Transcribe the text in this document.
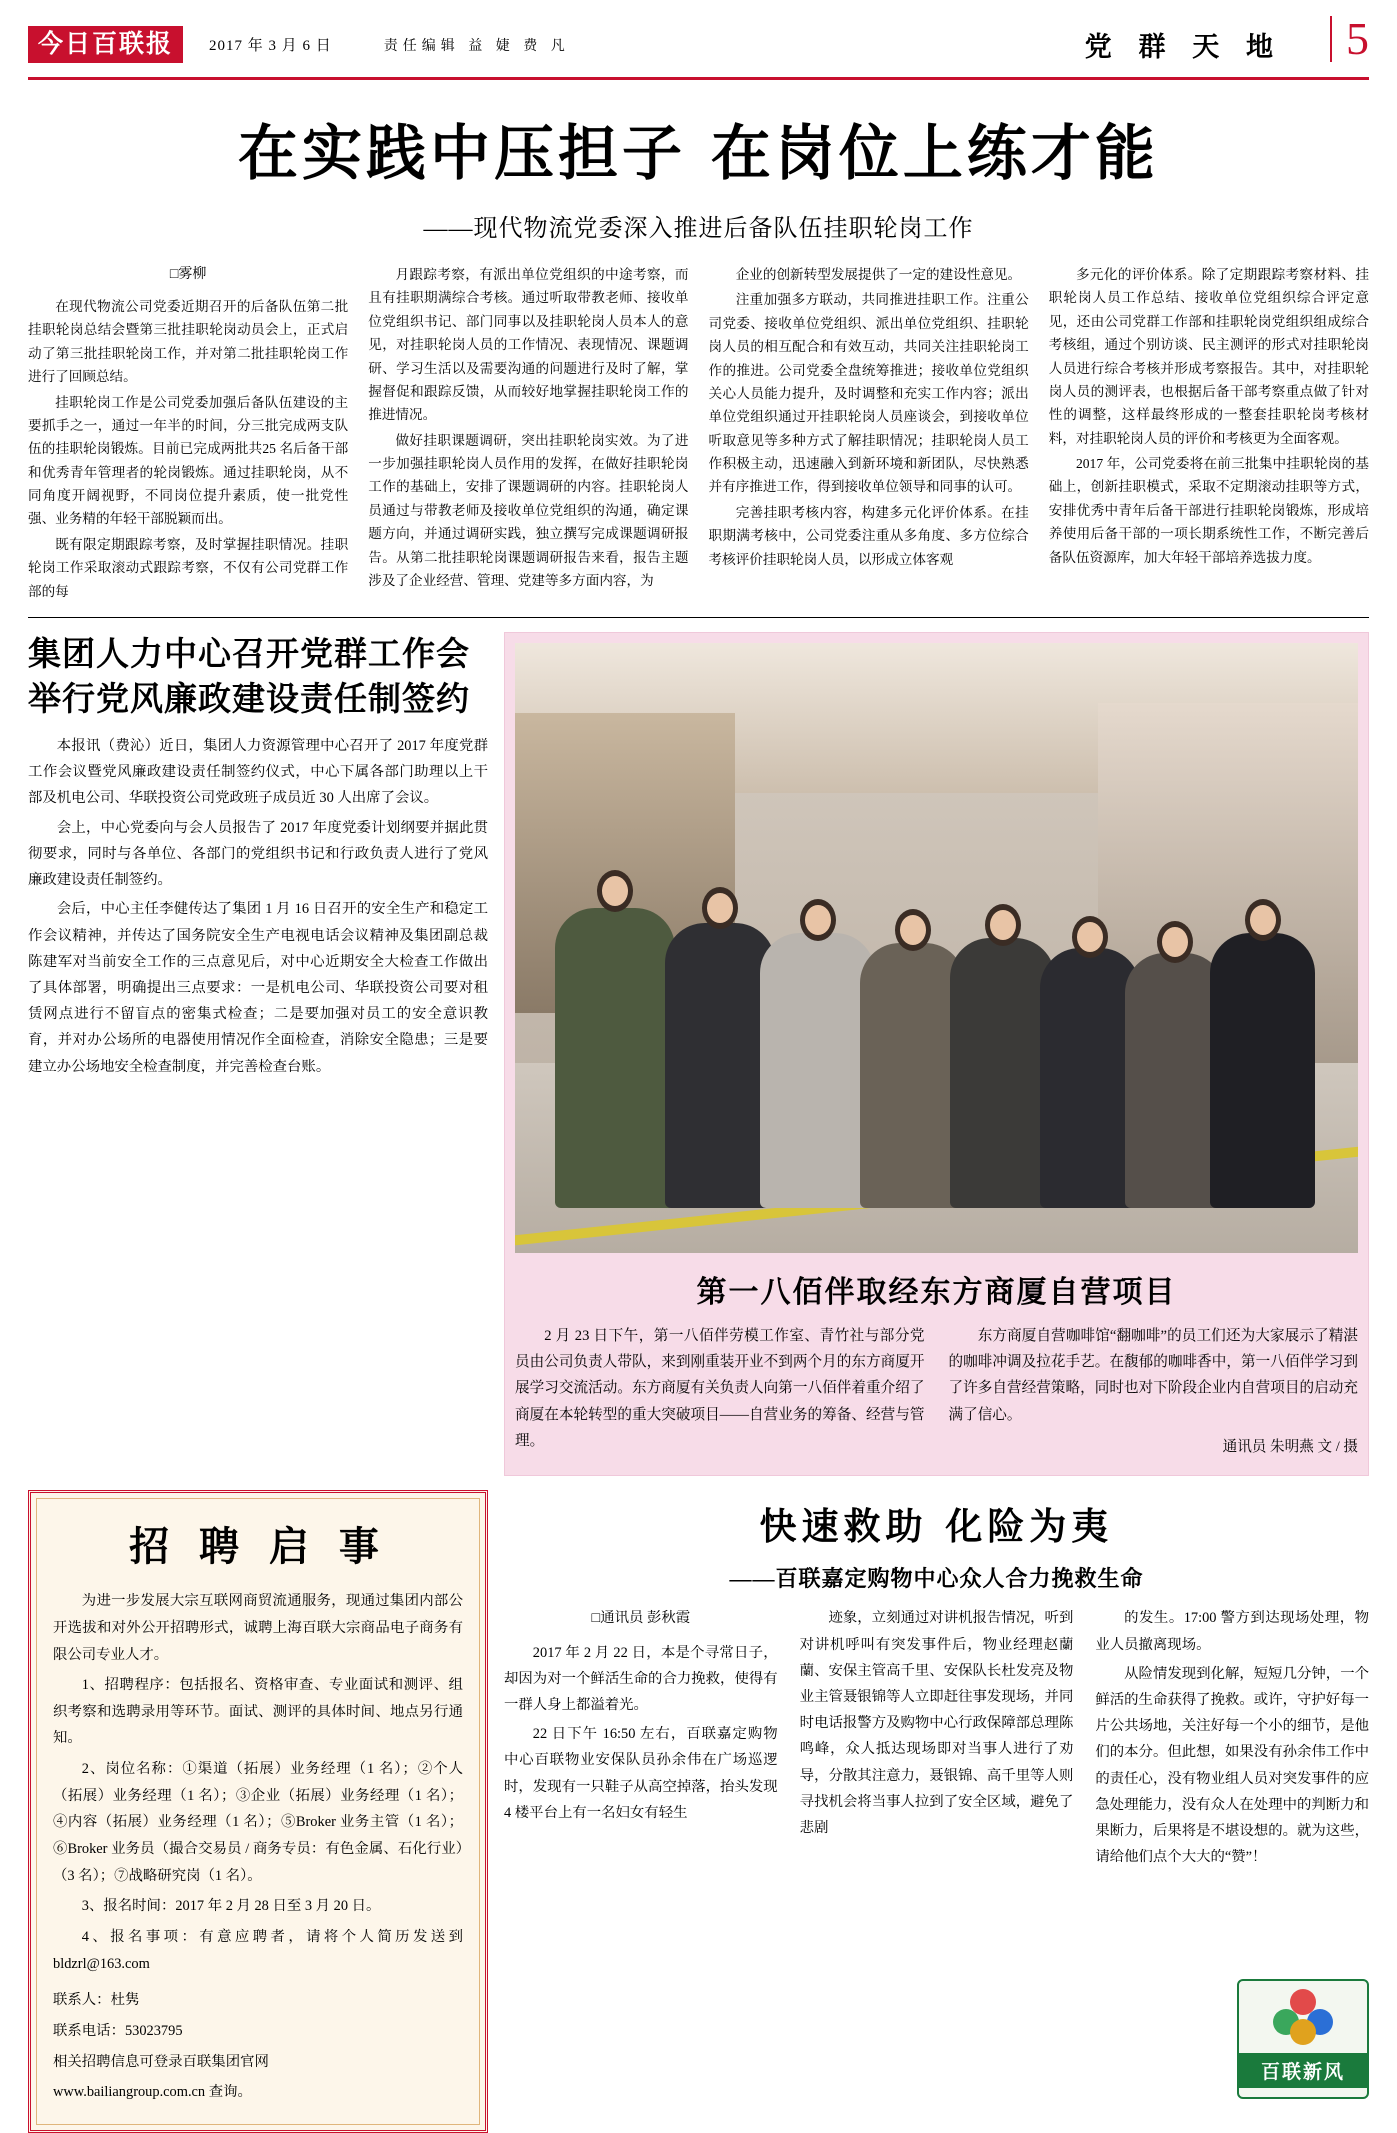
今日百联报	2017 年 3 月 6 日	责任编辑 益 婕 费 凡	党 群 天 地	5
在实践中压担子 在岗位上练才能
——现代物流党委深入推进后备队伍挂职轮岗工作

□雾柳

在现代物流公司党委近期召开的后备队伍第二批挂职轮岗总结会暨第三批挂职轮岗动员会上，正式启动了第三批挂职轮岗工作，并对第二批挂职轮岗工作进行了回顾总结。

挂职轮岗工作是公司党委加强后备队伍建设的主要抓手之一，通过一年半的时间，分三批完成两支队伍的挂职轮岗锻炼。目前已完成两批共25 名后备干部和优秀青年管理者的轮岗锻炼。通过挂职轮岗，从不同角度开阔视野，不同岗位提升素质，使一批党性强、业务精的年轻干部脱颖而出。

既有限定期跟踪考察，及时掌握挂职情况。挂职轮岗工作采取滚动式跟踪考察，不仅有公司党群工作部的每

月跟踪考察，有派出单位党组织的中途考察，而且有挂职期满综合考核。通过听取带教老师、接收单位党组织书记、部门同事以及挂职轮岗人员本人的意见，对挂职轮岗人员的工作情况、表现情况、课题调研、学习生活以及需要沟通的问题进行及时了解，掌握督促和跟踪反馈，从而较好地掌握挂职轮岗工作的推进情况。

做好挂职课题调研，突出挂职轮岗实效。为了进一步加强挂职轮岗人员作用的发挥，在做好挂职轮岗工作的基础上，安排了课题调研的内容。挂职轮岗人员通过与带教老师及接收单位党组织的沟通，确定课题方向，并通过调研实践，独立撰写完成课题调研报告。从第二批挂职轮岗课题调研报告来看，报告主题涉及了企业经营、管理、党建等多方面内容，为

企业的创新转型发展提供了一定的建设性意见。

注重加强多方联动，共同推进挂职工作。注重公司党委、接收单位党组织、派出单位党组织、挂职轮岗人员的相互配合和有效互动，共同关注挂职轮岗工作的推进。公司党委全盘统筹推进；接收单位党组织关心人员能力提升，及时调整和充实工作内容；派出单位党组织通过开挂职轮岗人员座谈会，到接收单位听取意见等多种方式了解挂职情况；挂职轮岗人员工作积极主动，迅速融入到新环境和新团队，尽快熟悉并有序推进工作，得到接收单位领导和同事的认可。

完善挂职考核内容，构建多元化评价体系。在挂职期满考核中，公司党委注重从多角度、多方位综合考核评价挂职轮岗人员，以形成立体客观

多元化的评价体系。除了定期跟踪考察材料、挂职轮岗人员工作总结、接收单位党组织综合评定意见，还由公司党群工作部和挂职轮岗党组织组成综合考核组，通过个别访谈、民主测评的形式对挂职轮岗人员进行综合考核并形成考察报告。其中，对挂职轮岗人员的测评表，也根据后备干部考察重点做了针对性的调整，这样最终形成的一整套挂职轮岗考核材料，对挂职轮岗人员的评价和考核更为全面客观。

2017 年，公司党委将在前三批集中挂职轮岗的基础上，创新挂职模式，采取不定期滚动挂职等方式，安排优秀中青年后备干部进行挂职轮岗锻炼，形成培养使用后备干部的一项长期系统性工作，不断完善后备队伍资源库，加大年轻干部培养选拔力度。

集团人力中心召开党群工作会
举行党风廉政建设责任制签约

本报讯（费沁）近日，集团人力资源管理中心召开了 2017 年度党群工作会议暨党风廉政建设责任制签约仪式，中心下属各部门助理以上干部及机电公司、华联投资公司党政班子成员近 30 人出席了会议。

会上，中心党委向与会人员报告了 2017 年度党委计划纲要并据此贯彻要求，同时与各单位、各部门的党组织书记和行政负责人进行了党风廉政建设责任制签约。

会后，中心主任李健传达了集团 1 月 16 日召开的安全生产和稳定工作会议精神，并传达了国务院安全生产电视电话会议精神及集团副总裁陈建军对当前安全工作的三点意见后，对中心近期安全大检查工作做出了具体部署，明确提出三点要求：一是机电公司、华联投资公司要对租赁网点进行不留盲点的密集式检查；二是要加强对员工的安全意识教育，并对办公场所的电器使用情况作全面检查，消除安全隐患；三是要建立办公场地安全检查制度，并完善检查台账。

第一八佰伴取经东方商厦自营项目

2 月 23 日下午，第一八佰伴劳模工作室、青竹社与部分党员由公司负责人带队，来到刚重装开业不到两个月的东方商厦开展学习交流活动。东方商厦有关负责人向第一八佰伴着重介绍了商厦在本轮转型的重大突破项目——自营业务的筹备、经营与管理。

东方商厦自营咖啡馆“翻咖啡”的员工们还为大家展示了精湛的咖啡冲调及拉花手艺。在馥郁的咖啡香中，第一八佰伴学习到了许多自营经营策略，同时也对下阶段企业内自营项目的启动充满了信心。

通讯员 朱明燕 文 / 摄

招 聘 启 事

为进一步发展大宗互联网商贸流通服务，现通过集团内部公开选拔和对外公开招聘形式，诚聘上海百联大宗商品电子商务有限公司专业人才。

1、招聘程序：包括报名、资格审查、专业面试和测评、组织考察和选聘录用等环节。面试、测评的具体时间、地点另行通知。

2、岗位名称：①渠道（拓展）业务经理（1 名）；②个人（拓展）业务经理（1 名）；③企业（拓展）业务经理（1 名）；④内容（拓展）业务经理（1 名）；⑤Broker 业务主管（1 名）；⑥Broker 业务员（撮合交易员 / 商务专员：有色金属、石化行业）（3 名）；⑦战略研究岗（1 名）。

3、报名时间：2017 年 2 月 28 日至 3 月 20 日。

4、报名事项：有意应聘者，请将个人简历发送到 bldzrl@163.com

联系人：杜隽

联系电话：53023795

相关招聘信息可登录百联集团官网

www.bailiangroup.com.cn 查询。

快速救助 化险为夷
——百联嘉定购物中心众人合力挽救生命

□通讯员 彭秋霞

2017 年 2 月 22 日，本是个寻常日子，却因为对一个鲜活生命的合力挽救，使得有一群人身上都溢着光。

22 日下午 16:50 左右，百联嘉定购物中心百联物业安保队员孙余伟在广场巡逻时，发现有一只鞋子从高空掉落，抬头发现 4 楼平台上有一名妇女有轻生

迹象，立刻通过对讲机报告情况，听到对讲机呼叫有突发事件后，物业经理赵蘭蘭、安保主管高千里、安保队长杜发亮及物业主管聂银锦等人立即赶往事发现场，并同时电话报警方及购物中心行政保障部总理陈鸣峰，众人抵达现场即对当事人进行了劝导，分散其注意力，聂银锦、高千里等人则寻找机会将当事人拉到了安全区域，避免了悲剧

的发生。17:00 警方到达现场处理，物业人员撤离现场。

从险情发现到化解，短短几分钟，一个鲜活的生命获得了挽救。或许，守护好每一片公共场地，关注好每一个小的细节，是他们的本分。但此想，如果没有孙余伟工作中的责任心，没有物业组人员对突发事件的应急处理能力，没有众人在处理中的判断力和果断力，后果将是不堪设想的。就为这些，请给他们点个大大的“赞”！

百联新风
